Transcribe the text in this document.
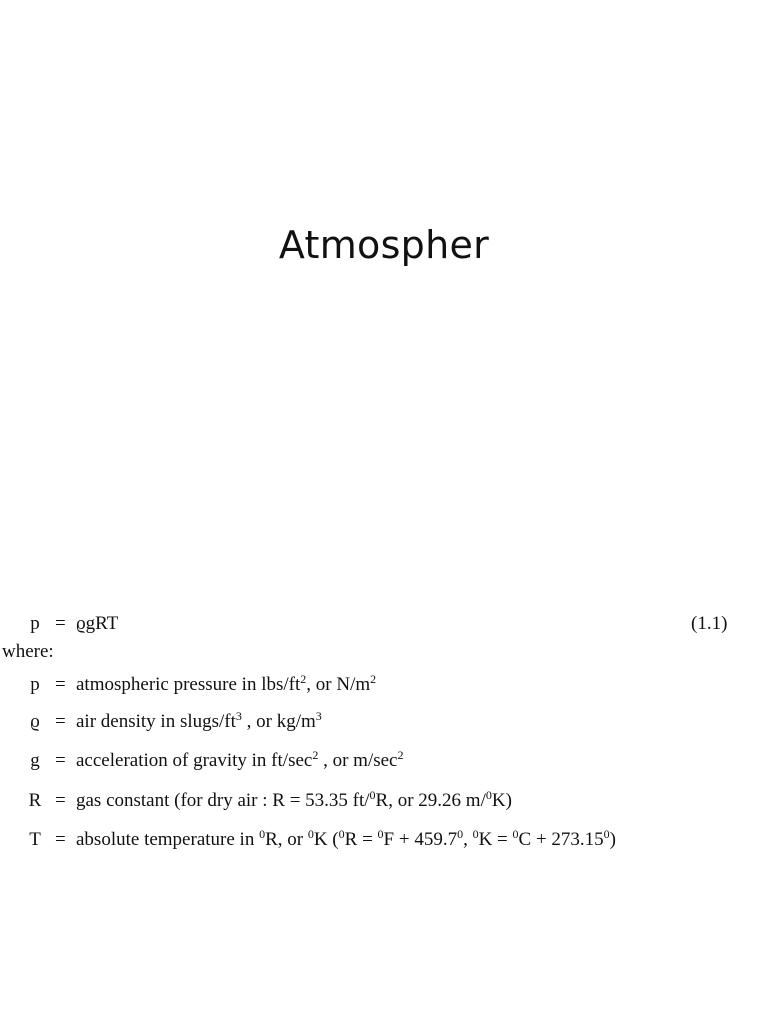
Atmospher
p = ϱgRT	(1.1)
where:
p = atmospheric pressure in lbs/$ft^2$, or $N/m^2$
ϱ = air density in slugs/$ft^3$ , or $kg/m^3$
g = acceleration of gravity in $ft/\sec^2$ , or $m/\sec^2$
R = gas constant (for dry air : R = 53.35 ft/$^0$R, or 29.26 m/$^0$K)
T = absolute temperature in $^0$R, or $^0$K ($^0R = ^0F + 459.7^0$, $^0K = ^0C + 273.15^0$)
